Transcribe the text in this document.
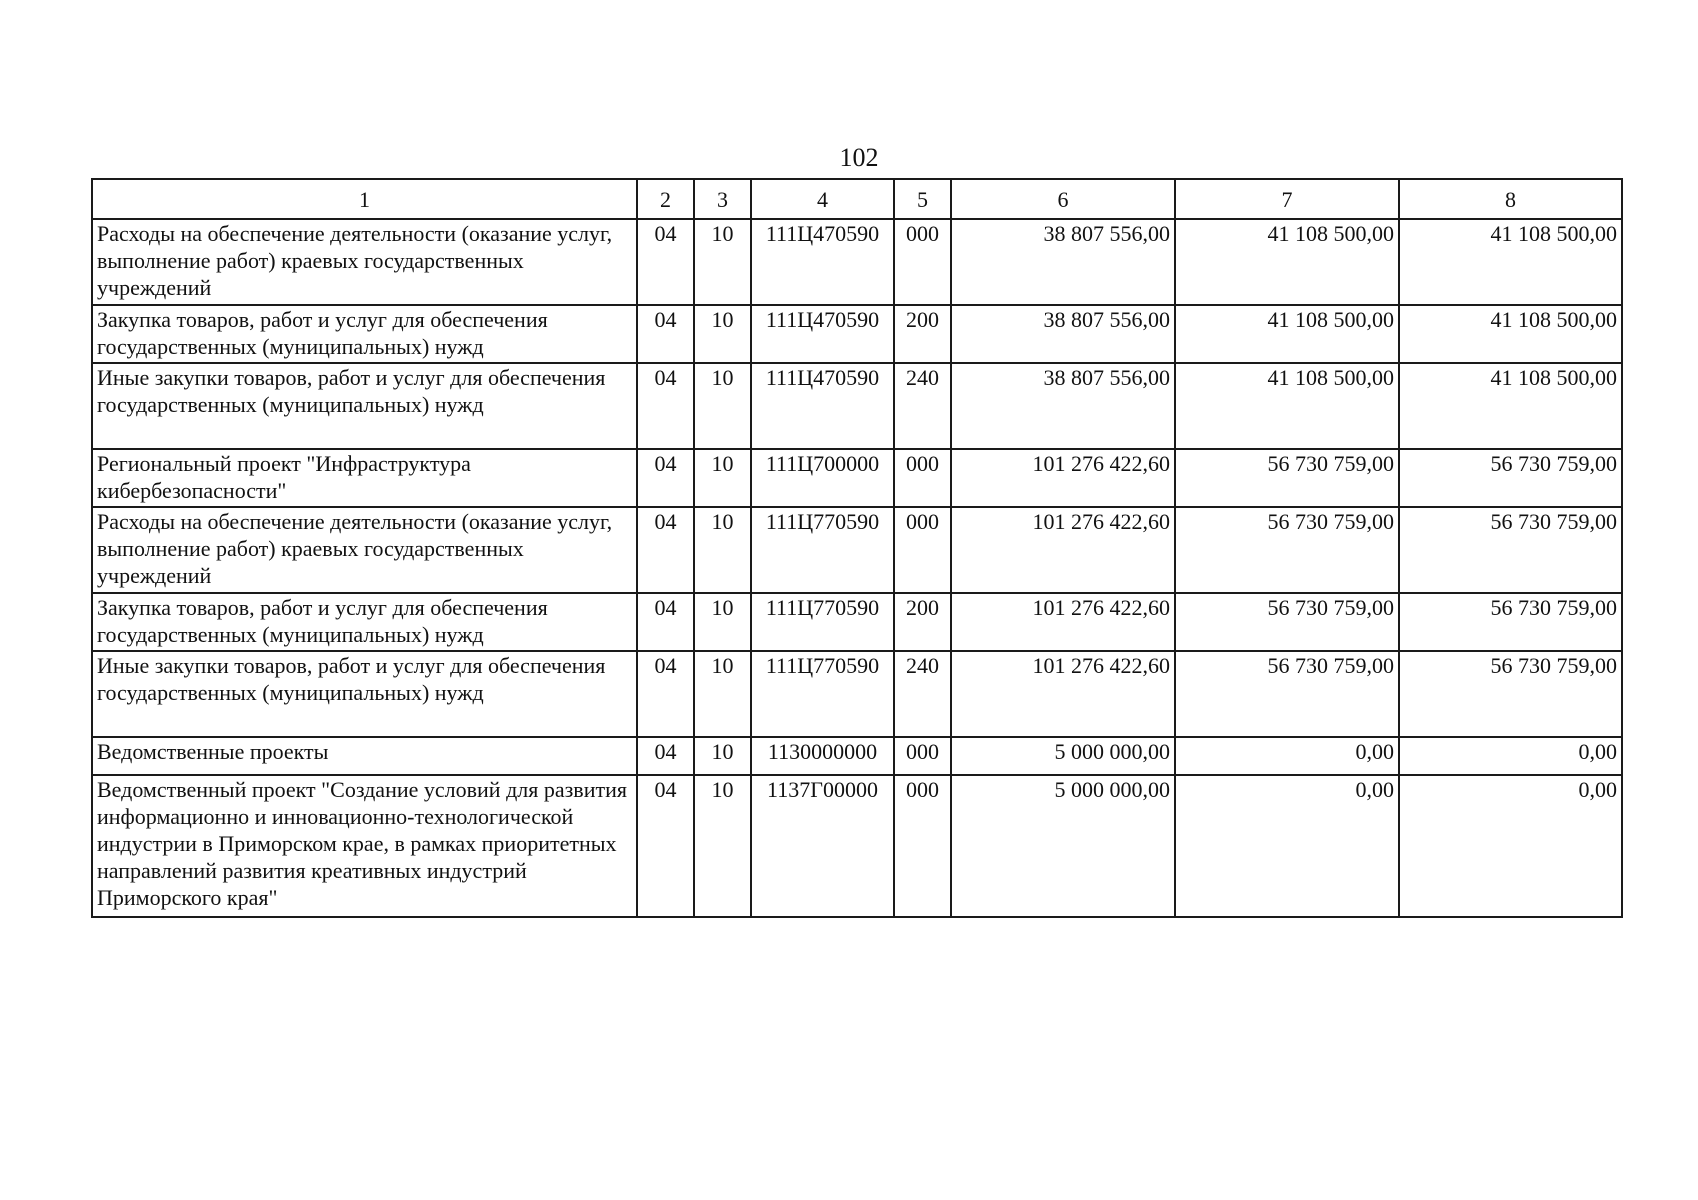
102
1	2	3	4	5	6	7	8
Расходы на обеспечение деятельности (оказание услуг, выполнение работ) краевых государственных учреждений	04	10	111Ц470590	000	38 807 556,00	41 108 500,00	41 108 500,00
Закупка товаров, работ и услуг для обеспечения государственных (муниципальных) нужд	04	10	111Ц470590	200	38 807 556,00	41 108 500,00	41 108 500,00
Иные закупки товаров, работ и услуг для обеспечения государственных (муниципальных) нужд	04	10	111Ц470590	240	38 807 556,00	41 108 500,00	41 108 500,00
Региональный проект "Инфраструктура кибербезопасности"	04	10	111Ц700000	000	101 276 422,60	56 730 759,00	56 730 759,00
Расходы на обеспечение деятельности (оказание услуг, выполнение работ) краевых государственных учреждений	04	10	111Ц770590	000	101 276 422,60	56 730 759,00	56 730 759,00
Закупка товаров, работ и услуг для обеспечения государственных (муниципальных) нужд	04	10	111Ц770590	200	101 276 422,60	56 730 759,00	56 730 759,00
Иные закупки товаров, работ и услуг для обеспечения государственных (муниципальных) нужд	04	10	111Ц770590	240	101 276 422,60	56 730 759,00	56 730 759,00
Ведомственные проекты	04	10	1130000000	000	5 000 000,00	0,00	0,00
Ведомственный проект "Создание условий для развития информационно и инновационно-технологической индустрии в Приморском крае, в рамках приоритетных направлений развития креативных индустрий Приморского края"	04	10	1137Г00000	000	5 000 000,00	0,00	0,00
